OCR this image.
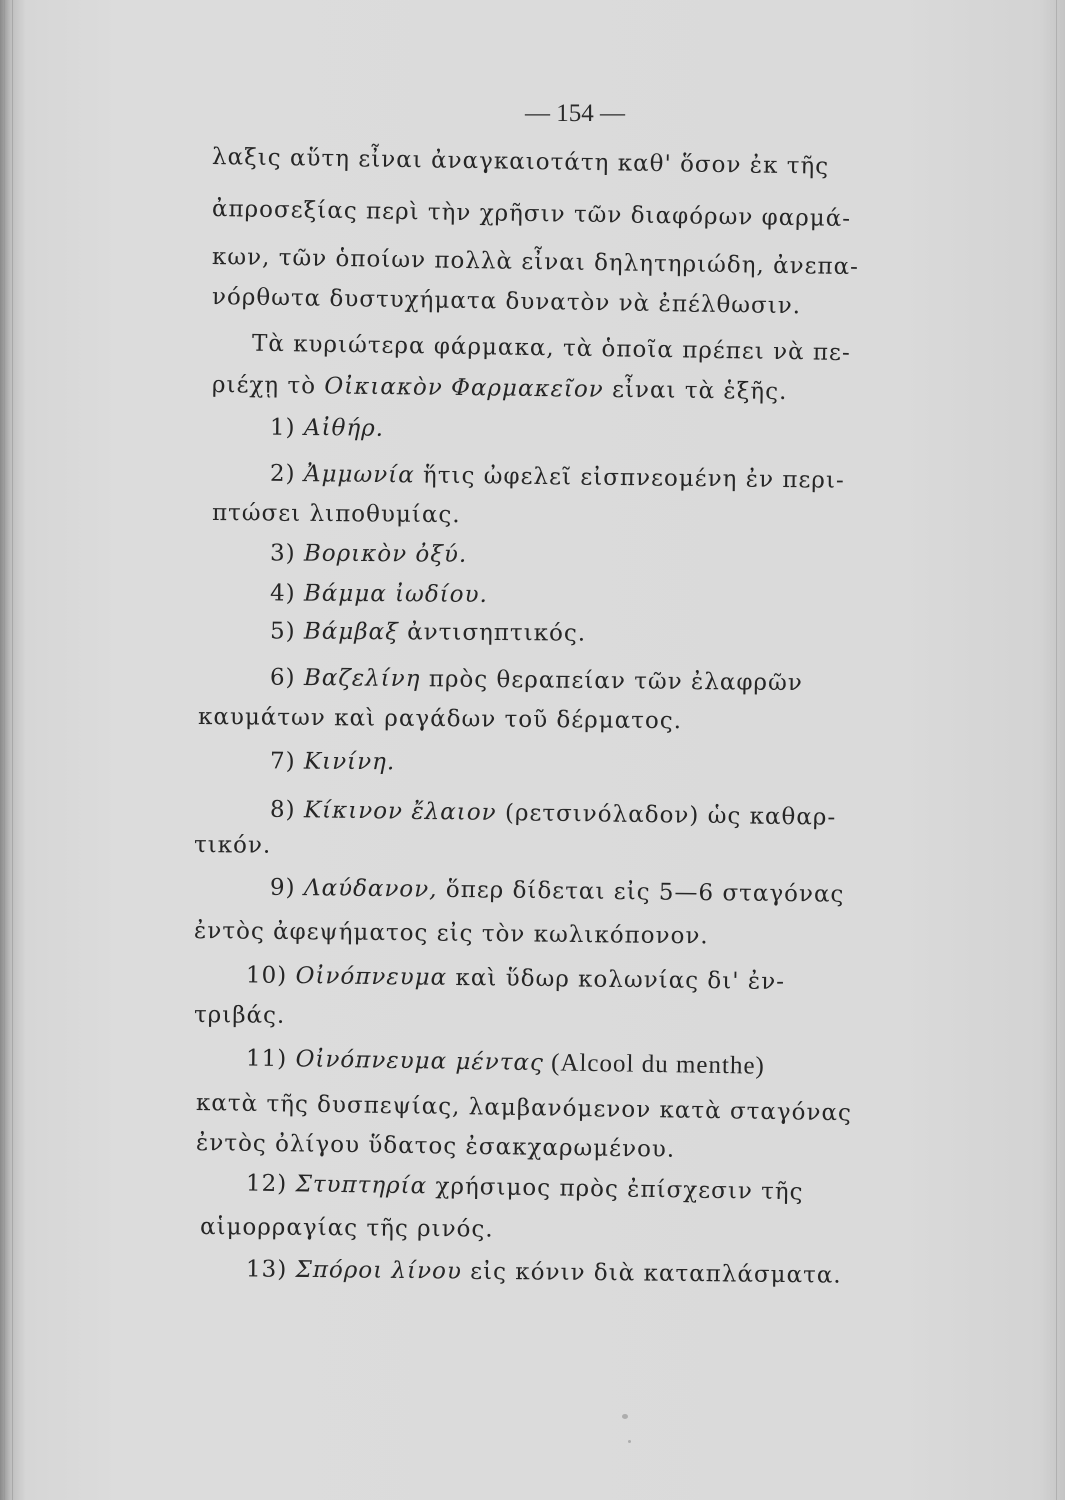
— 154 —
λαξις αὕτη εἶναι ἀναγκαιοτάτη καθ' ὅσον ἐκ τῆς
ἀπροσεξίας περὶ τὴν χρῆσιν τῶν διαφόρων φαρμά-
κων, τῶν ὁποίων πολλὰ εἶναι δηλητηριώδη, ἀνεπα-
νόρθωτα δυστυχήματα δυνατὸν νὰ ἐπέλθωσιν.
Τὰ κυριώτερα φάρμακα, τὰ ὁποῖα πρέπει νὰ πε-
ριέχῃ τὸ Οἰκιακὸν Φαρμακεῖον εἶναι τὰ ἑξῆς.
1) Αἰθήρ.
2) Ἀμμωνία ἥτις ὠφελεῖ εἰσπνεομένη ἐν περι-
πτώσει λιποθυμίας.
3) Βορικὸν ὀξύ.
4) Βάμμα ἰωδίου.
5) Βάμβαξ ἀντισηπτικός.
6) Βαζελίνη πρὸς θεραπείαν τῶν ἐλαφρῶν
καυμάτων καὶ ραγάδων τοῦ δέρματος.
7) Κινίνη.
8) Κίκινον ἔλαιον (ρετσινόλαδον) ὡς καθαρ-
τικόν.
9) Λαύδανον, ὅπερ δίδεται εἰς 5—6 σταγόνας
ἐντὸς ἀφεψήματος εἰς τὸν κωλικόπονον.
10) Οἰνόπνευμα καὶ ὕδωρ κολωνίας δι' ἐν-
τριβάς.
11) Οἰνόπνευμα μέντας (Alcool du menthe)
κατὰ τῆς δυσπεψίας, λαμβανόμενον κατὰ σταγόνας
ἐντὸς ὀλίγου ὕδατος ἐσακχαρωμένου.
12) Στυπτηρία χρήσιμος πρὸς ἐπίσχεσιν τῆς
αἱμορραγίας τῆς ρινός.
13) Σπόροι λίνου εἰς κόνιν διὰ καταπλάσματα.
